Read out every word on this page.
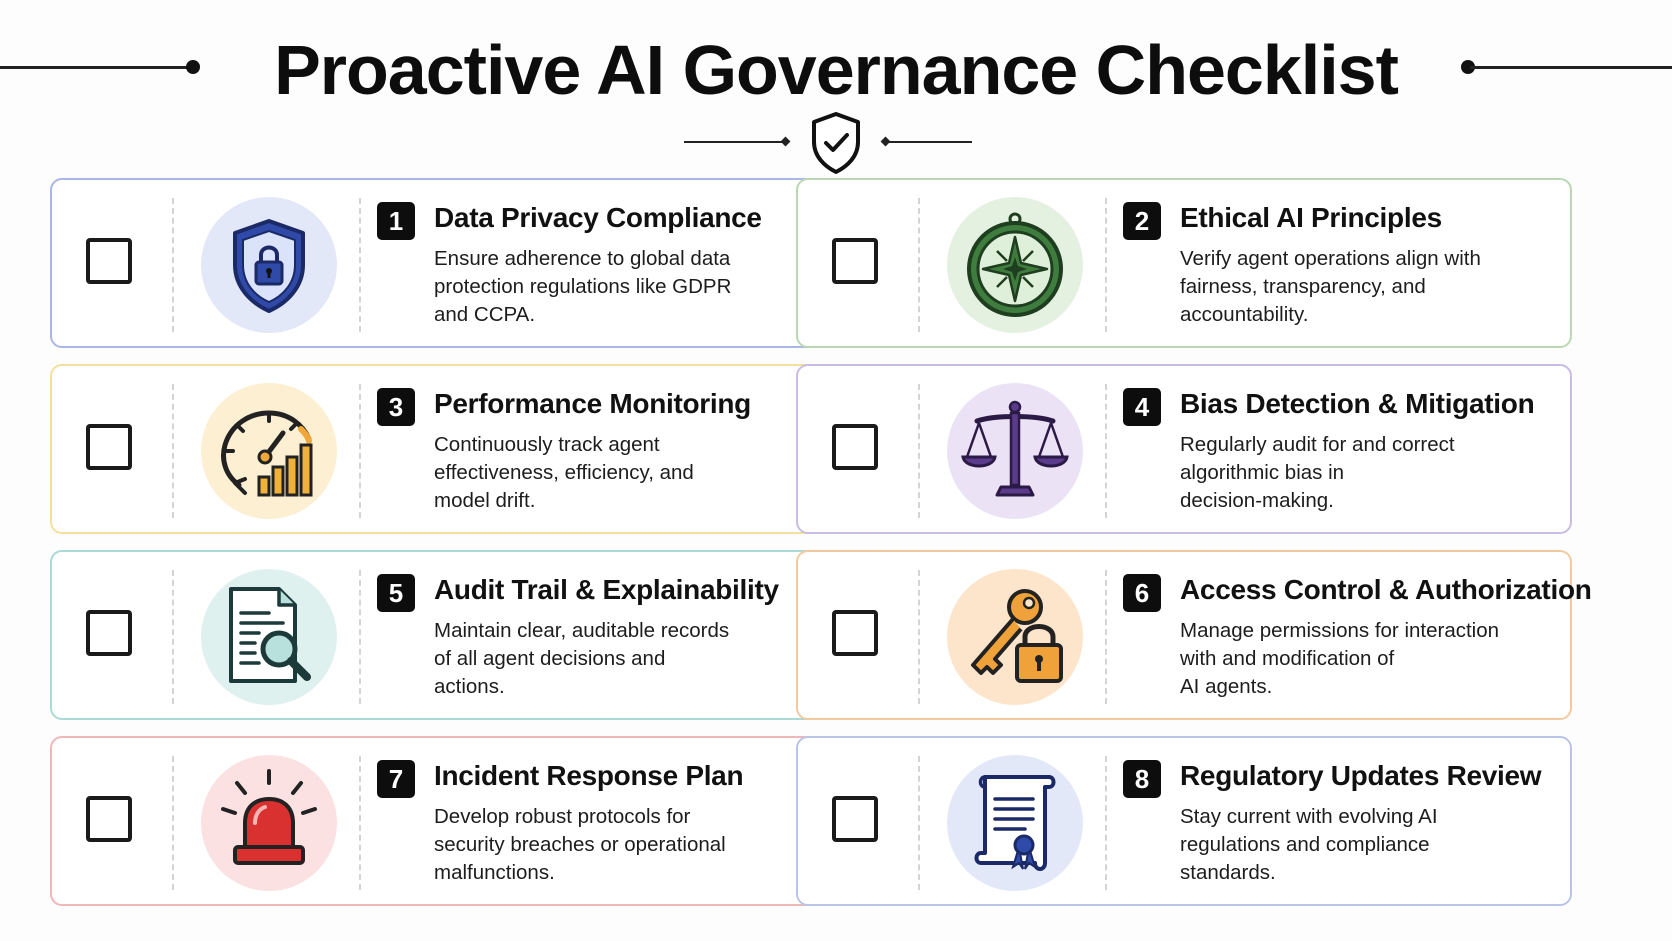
Proactive AI Governance Checklist
1	Data Privacy Compliance
Ensure adherence to global data
protection regulations like GDPR
and CCPA.
2	Ethical AI Principles
Verify agent operations align with
fairness, transparency, and
accountability.
3	Performance Monitoring
Continuously track agent
effectiveness, efficiency, and
model drift.
4	Bias Detection & Mitigation
Regularly audit for and correct
algorithmic bias in
decision-making.
5	Audit Trail & Explainability
Maintain clear, auditable records
of all agent decisions and
actions.
6	Access Control & Authorization
Manage permissions for interaction
with and modification of
AI agents.
7	Incident Response Plan
Develop robust protocols for
security breaches or operational
malfunctions.
8	Regulatory Updates Review
Stay current with evolving AI
regulations and compliance
standards.
